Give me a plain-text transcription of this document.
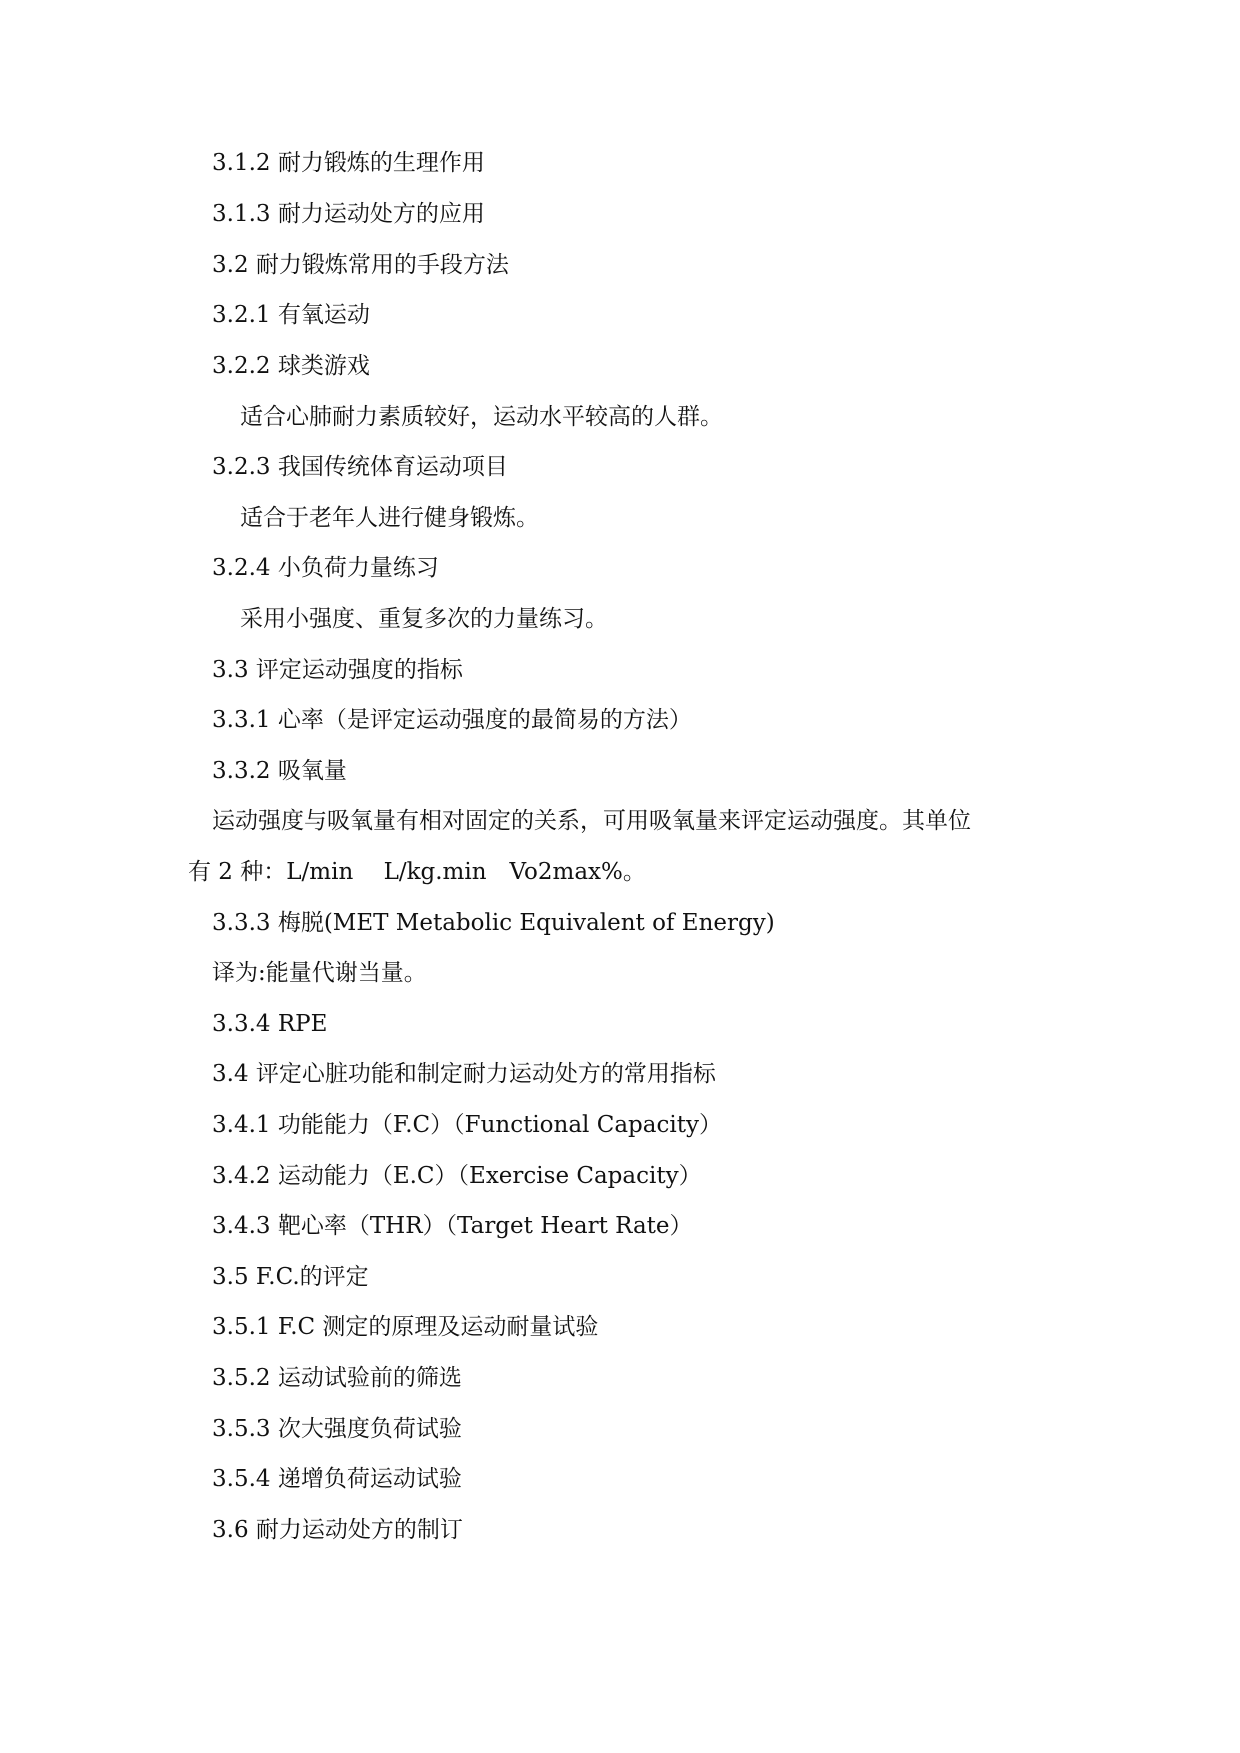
3.1.2 耐力锻炼的生理作用
3.1.3 耐力运动处方的应用
3.2 耐力锻炼常用的手段方法
3.2.1 有氧运动
3.2.2 球类游戏
适合心肺耐力素质较好，运动水平较高的人群。
3.2.3 我国传统体育运动项目
适合于老年人进行健身锻炼。
3.2.4 小负荷力量练习
采用小强度、重复多次的力量练习。
3.3 评定运动强度的指标
3.3.1 心率（是评定运动强度的最简易的方法）
3.3.2 吸氧量
运动强度与吸氧量有相对固定的关系，可用吸氧量来评定运动强度。其单位
有 2 种：L/min　 L/kg.min　Vo2max%。
3.3.3 梅脱(MET Metabolic Equivalent of Energy)
译为:能量代谢当量。
3.3.4 RPE
3.4 评定心脏功能和制定耐力运动处方的常用指标
3.4.1 功能能力（F.C）（Functional Capacity）
3.4.2 运动能力（E.C）（Exercise Capacity）
3.4.3 靶心率（THR）（Target Heart Rate）
3.5 F.C.的评定
3.5.1 F.C 测定的原理及运动耐量试验
3.5.2 运动试验前的筛选
3.5.3 次大强度负荷试验
3.5.4 递增负荷运动试验
3.6 耐力运动处方的制订
